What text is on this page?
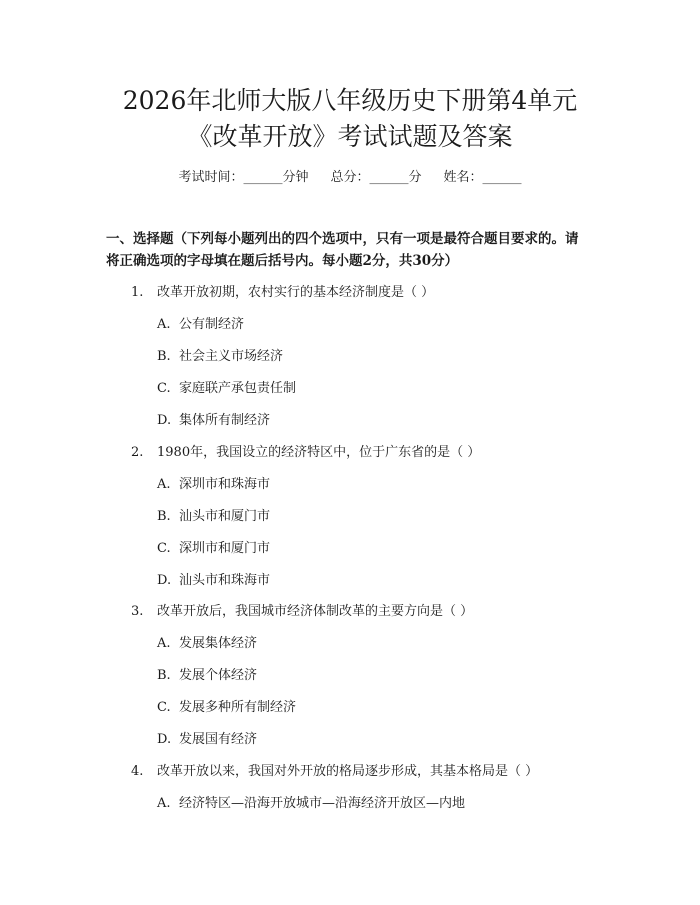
2026年北师大版八年级历史下册第4单元
《改革开放》考试试题及答案
考试时间：______分钟 总分：______分 姓名：______
一、选择题（下列每小题列出的四个选项中，只有一项是最符合题目要求的。请
将正确选项的字母填在题后括号内。每小题2分，共30分）
1. 改革开放初期，农村实行的基本经济制度是（ ）
A. 公有制经济
B. 社会主义市场经济
C. 家庭联产承包责任制
D. 集体所有制经济
2. 1980年，我国设立的经济特区中，位于广东省的是（ ）
A. 深圳市和珠海市
B. 汕头市和厦门市
C. 深圳市和厦门市
D. 汕头市和珠海市
3. 改革开放后，我国城市经济体制改革的主要方向是（ ）
A. 发展集体经济
B. 发展个体经济
C. 发展多种所有制经济
D. 发展国有经济
4. 改革开放以来，我国对外开放的格局逐步形成，其基本格局是（ ）
A. 经济特区—沿海开放城市—沿海经济开放区—内地
